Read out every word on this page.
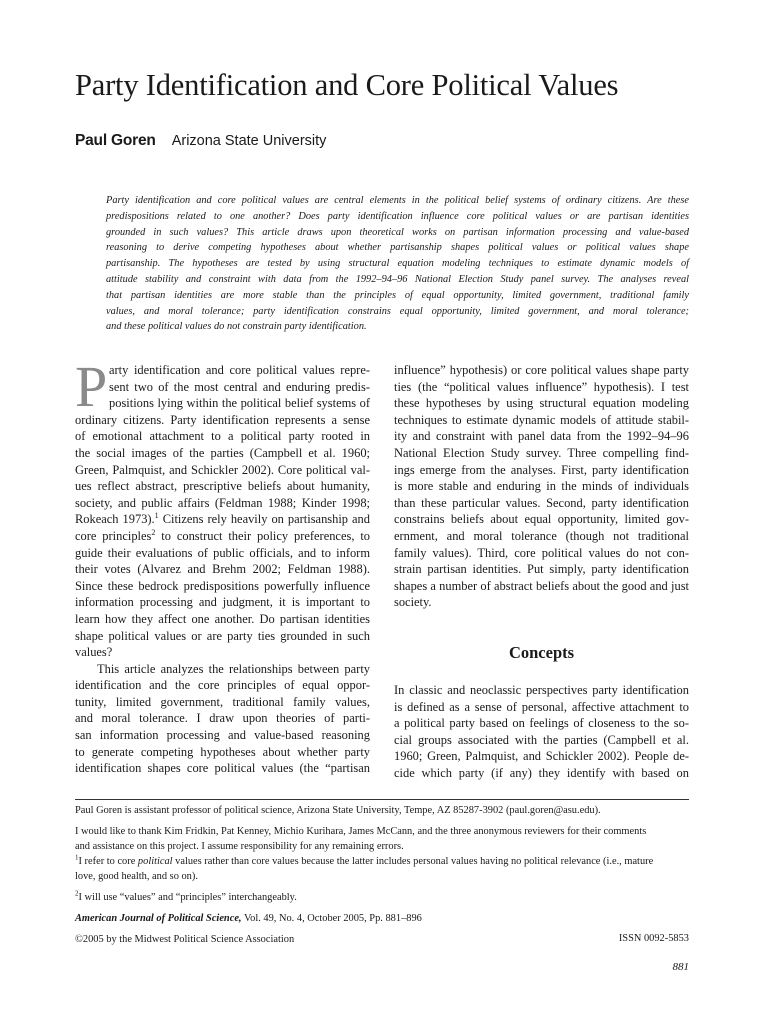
Party Identification and Core Political Values
Paul Goren Arizona State University
Party identification and core political values are central elements in the political belief systems of ordinary citizens. Are these
predispositions related to one another? Does party identification influence core political values or are partisan identities
grounded in such values? This article draws upon theoretical works on partisan information processing and value-based
reasoning to derive competing hypotheses about whether partisanship shapes political values or political values shape
partisanship. The hypotheses are tested by using structural equation modeling techniques to estimate dynamic models of
attitude stability and constraint with data from the 1992–94–96 National Election Study panel survey. The analyses reveal
that partisan identities are more stable than the principles of equal opportunity, limited government, traditional family
values, and moral tolerance; party identification constrains equal opportunity, limited government, and moral tolerance;
and these political values do not constrain party identification.
P arty identification and core political values repre-
sent two of the most central and enduring predis-
positions lying within the political belief systems of
ordinary citizens. Party identification represents a sense
of emotional attachment to a political party rooted in
the social images of the parties (Campbell et al. 1960;
Green, Palmquist, and Schickler 2002). Core political val-
ues reflect abstract, prescriptive beliefs about humanity,
society, and public affairs (Feldman 1988; Kinder 1998;
Rokeach 1973).$^1$ Citizens rely heavily on partisanship and
core principles$^2$ to construct their policy preferences, to
guide their evaluations of public officials, and to inform
their votes (Alvarez and Brehm 2002; Feldman 1988).
Since these bedrock predispositions powerfully influence
information processing and judgment, it is important to
learn how they affect one another. Do partisan identities
shape political values or are party ties grounded in such
values?
This article analyzes the relationships between party
identification and the core principles of equal oppor-
tunity, limited government, traditional family values,
and moral tolerance. I draw upon theories of parti-
san information processing and value-based reasoning
to generate competing hypotheses about whether party
identification shapes core political values (the “partisan
influence” hypothesis) or core political values shape party
ties (the “political values influence” hypothesis). I test
these hypotheses by using structural equation modeling
techniques to estimate dynamic models of attitude stabil-
ity and constraint with panel data from the 1992–94–96
National Election Study survey. Three compelling find-
ings emerge from the analyses. First, party identification
is more stable and enduring in the minds of individuals
than these particular values. Second, party identification
constrains beliefs about equal opportunity, limited gov-
ernment, and moral tolerance (though not traditional
family values). Third, core political values do not con-
strain partisan identities. Put simply, party identification
shapes a number of abstract beliefs about the good and just
society.
Concepts
In classic and neoclassic perspectives party identification
is defined as a sense of personal, affective attachment to
a political party based on feelings of closeness to the so-
cial groups associated with the parties (Campbell et al.
1960; Green, Palmquist, and Schickler 2002). People de-
cide which party (if any) they identify with based on
Paul Goren is assistant professor of political science, Arizona State University, Tempe, AZ 85287-3902 (paul.goren@asu.edu).
I would like to thank Kim Fridkin, Pat Kenney, Michio Kurihara, James McCann, and the three anonymous reviewers for their comments
and assistance on this project. I assume responsibility for any remaining errors.
$^1$I refer to core political values rather than core values because the latter includes personal values having no political relevance (i.e., mature
love, good health, and so on).
$^2$I will use “values” and “principles” interchangeably.
American Journal of Political Science, Vol. 49, No. 4, October 2005, Pp. 881–896
©2005 by the Midwest Political Science Association	ISSN 0092-5853
881
